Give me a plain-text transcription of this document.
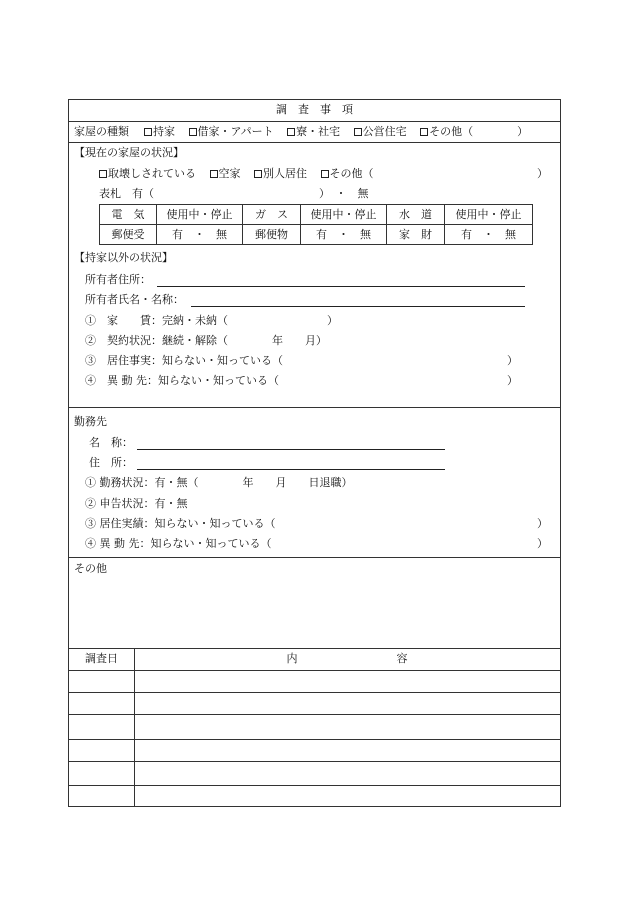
調　査　事　項
家屋の種類 持家 借家・アパート 寮・社宅 公営住宅 その他（　　　　）
【現在の家屋の状況】
取壊しされている 空家 別人居住 その他（	）
表札　有（　　　　　　　　　　　　　　　）　・　無
電　気	使用中・停止	ガ　ス	使用中・停止	水　道	使用中・停止
郵便受	有　・　無	郵便物	有　・　無	家　財	有　・　無
【持家以外の状況】
所有者住所：
所有者氏名・名称：
①　家　　賃：完納・未納（　　　　　　　　　）
②　契約状況：継続・解除（　　　　年　　月）
③　居住事実：知らない・知っている（	）
④　異 動 先：知らない・知っている（	）
勤務先
名　称：
住　所：
① 勤務状況：有・無（　　　　年　　月　　日退職）
② 申告状況：有・無
③ 居住実績：知らない・知っている（	）
④ 異 動 先：知らない・知っている（	）
その他
調査日	内　　　　　　　　　容
